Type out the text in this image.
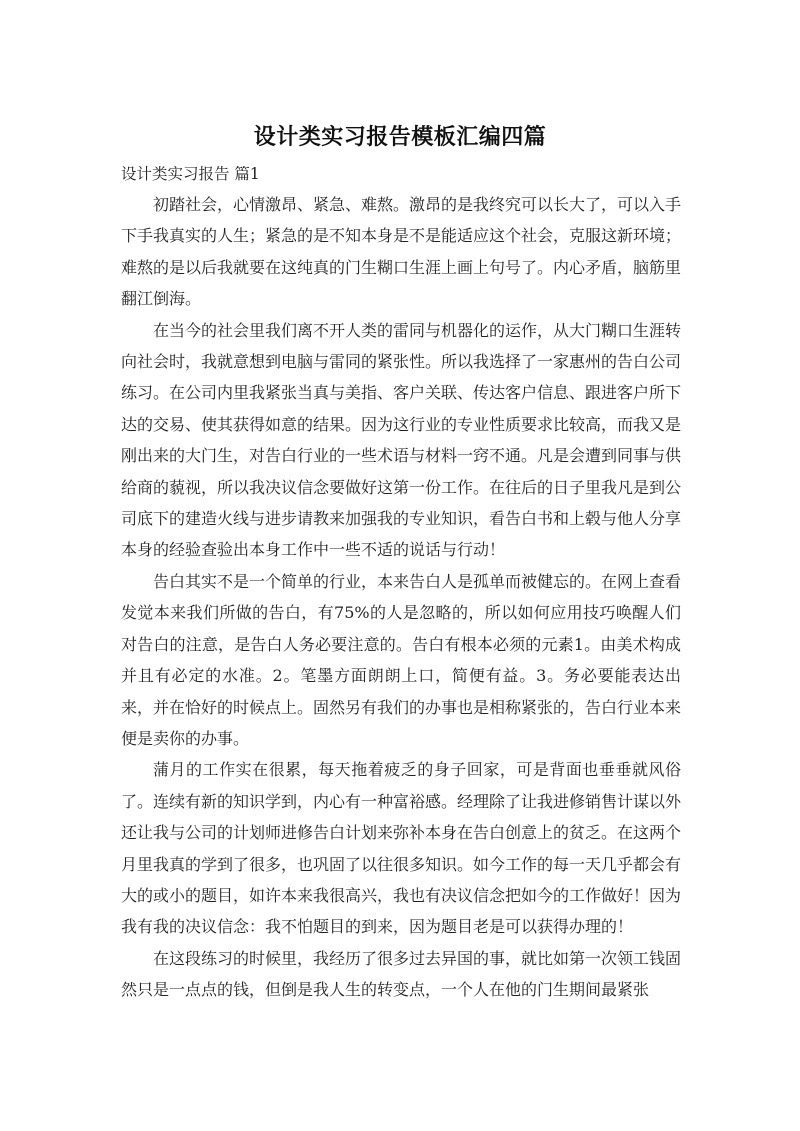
设计类实习报告模板汇编四篇
设计类实习报告 篇1

初踏社会，心情激昂、紧急、难熬。激昂的是我终究可以长大了，可以入手下手我真实的人生；紧急的是不知本身是不是能适应这个社会，克服这新环境；难熬的是以后我就要在这纯真的门生糊口生涯上画上句号了。内心矛盾，脑筋里翻江倒海。

在当今的社会里我们离不开人类的雷同与机器化的运作，从大门糊口生涯转向社会时，我就意想到电脑与雷同的紧张性。所以我选择了一家惠州的告白公司练习。在公司内里我紧张当真与美指、客户关联、传达客户信息、跟进客户所下达的交易、使其获得如意的结果。因为这行业的专业性质要求比较高，而我又是刚出来的大门生，对告白行业的一些术语与材料一窍不通。凡是会遭到同事与供给商的藐视，所以我决议信念要做好这第一份工作。在往后的日子里我凡是到公司底下的建造火线与进步请教来加强我的专业知识，看告白书和上毂与他人分享本身的经验查验出本身工作中一些不适的说话与行动！

告白其实不是一个简单的行业，本来告白人是孤单而被健忘的。在网上查看发觉本来我们所做的告白，有75%的人是忽略的，所以如何应用技巧唤醒人们对告白的注意，是告白人务必要注意的。告白有根本必须的元素1。由美术构成并且有必定的水准。2。笔墨方面朗朗上口，简便有益。3。务必要能表达出来，并在恰好的时候点上。固然另有我们的办事也是相称紧张的，告白行业本来便是卖你的办事。

蒲月的工作实在很累，每天拖着疲乏的身子回家，可是背面也垂垂就风俗了。连续有新的知识学到，内心有一种富裕感。经理除了让我进修销售计谋以外还让我与公司的计划师进修告白计划来弥补本身在告白创意上的贫乏。在这两个月里我真的学到了很多，也巩固了以往很多知识。如今工作的每一天几乎都会有大的或小的题目，如许本来我很高兴，我也有决议信念把如今的工作做好！因为我有我的决议信念：我不怕题目的到来，因为题目老是可以获得办理的！

在这段练习的时候里，我经历了很多过去异国的事，就比如第一次领工钱固然只是一点点的钱，但倒是我人生的转变点，一个人在他的门生期间最紧张
